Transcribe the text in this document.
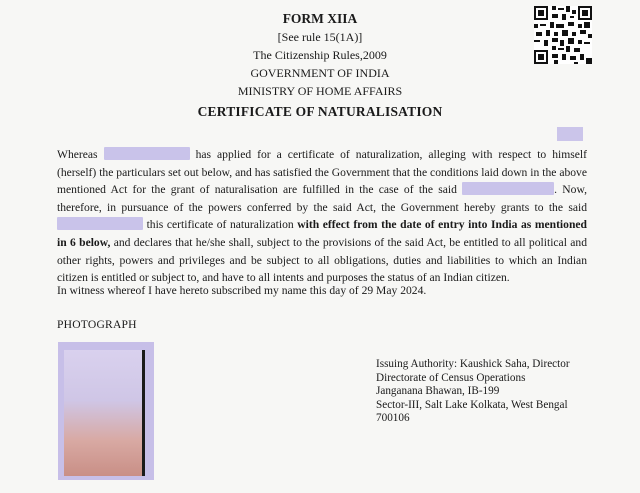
FORM XIIA
[See rule 15(1A)]
The Citizenship Rules,2009
GOVERNMENT OF INDIA
MINISTRY OF HOME AFFAIRS
CERTIFICATE OF NATURALISATION

Whereas	has applied for a certificate of naturalization, alleging with respect to himself (herself) the particulars set out below, and has satisfied the Government that the conditions laid down in the above mentioned Act for the grant of naturalisation are fulfilled in the case of the said	. Now, therefore, in pursuance of the powers conferred by the said Act, the Government hereby grants to the said  this certificate of naturalization with effect from the date of entry into India as mentioned in 6 below, and declares that he/she shall, subject to the provisions of the said Act, be entitled to all political and other rights, powers and privileges and be subject to all obligations, duties and liabilities to which an Indian citizen is entitled or subject to, and have to all intents and purposes the status of an Indian citizen.

In witness whereof I have hereto subscribed my name this day of 29 May 2024.
PHOTOGRAPH
Issuing Authority: Kaushick Saha, Director
Directorate of Census Operations
Janganana Bhawan, IB-199
Sector-III, Salt Lake Kolkata, West Bengal
700106
